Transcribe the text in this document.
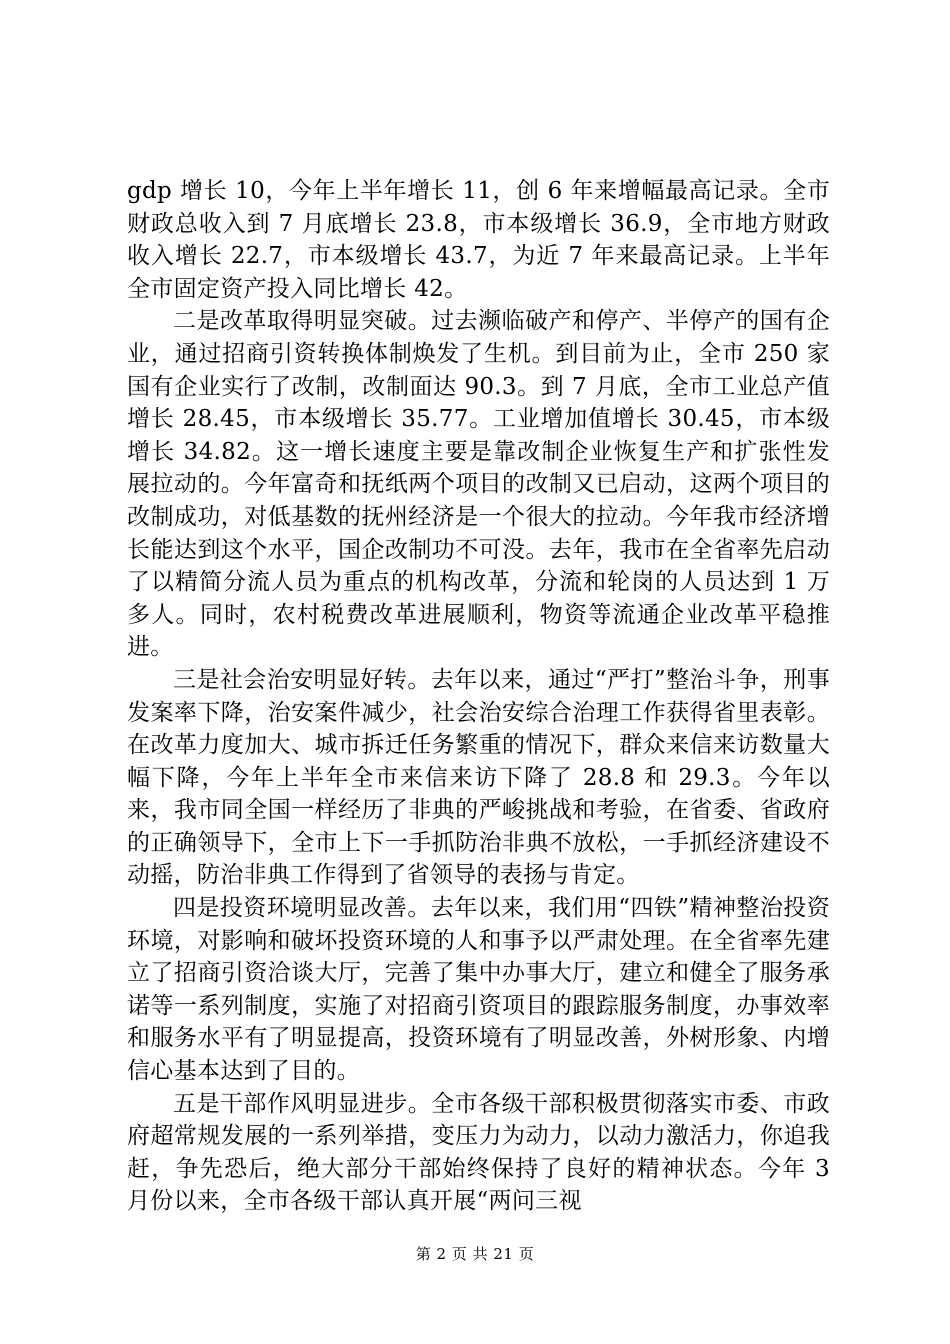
gdp 增长 10，今年上半年增长 11，创 6 年来增幅最高记录。全市财政总收入到 7 月底增长 23.8，市本级增长 36.9，全市地方财政收入增长 22.7，市本级增长 43.7，为近 7 年来最高记录。上半年全市固定资产投入同比增长 42。

二是改革取得明显突破。过去濒临破产和停产、半停产的国有企业，通过招商引资转换体制焕发了生机。到目前为止，全市 250 家国有企业实行了改制，改制面达 90.3。到 7 月底，全市工业总产值增长 28.45，市本级增长 35.77。工业增加值增长 30.45，市本级增长 34.82。这一增长速度主要是靠改制企业恢复生产和扩张性发展拉动的。今年富奇和抚纸两个项目的改制又已启动，这两个项目的改制成功，对低基数的抚州经济是一个很大的拉动。今年我市经济增长能达到这个水平，国企改制功不可没。去年，我市在全省率先启动了以精简分流人员为重点的机构改革，分流和轮岗的人员达到 1 万多人。同时，农村税费改革进展顺利，物资等流通企业改革平稳推进。

三是社会治安明显好转。去年以来，通过“严打”整治斗争，刑事发案率下降，治安案件减少，社会治安综合治理工作获得省里表彰。在改革力度加大、城市拆迁任务繁重的情况下，群众来信来访数量大幅下降，今年上半年全市来信来访下降了 28.8 和 29.3。今年以来，我市同全国一样经历了非典的严峻挑战和考验，在省委、省政府的正确领导下，全市上下一手抓防治非典不放松，一手抓经济建设不动摇，防治非典工作得到了省领导的表扬与肯定。

四是投资环境明显改善。去年以来，我们用“四铁”精神整治投资环境，对影响和破坏投资环境的人和事予以严肃处理。在全省率先建立了招商引资洽谈大厅，完善了集中办事大厅，建立和健全了服务承诺等一系列制度，实施了对招商引资项目的跟踪服务制度，办事效率和服务水平有了明显提高，投资环境有了明显改善，外树形象、内增信心基本达到了目的。

五是干部作风明显进步。全市各级干部积极贯彻落实市委、市政府超常规发展的一系列举措，变压力为动力，以动力激活力，你追我赶，争先恐后，绝大部分干部始终保持了良好的精神状态。今年 3 月份以来，全市各级干部认真开展“两问三视

第 2 页 共 21 页
